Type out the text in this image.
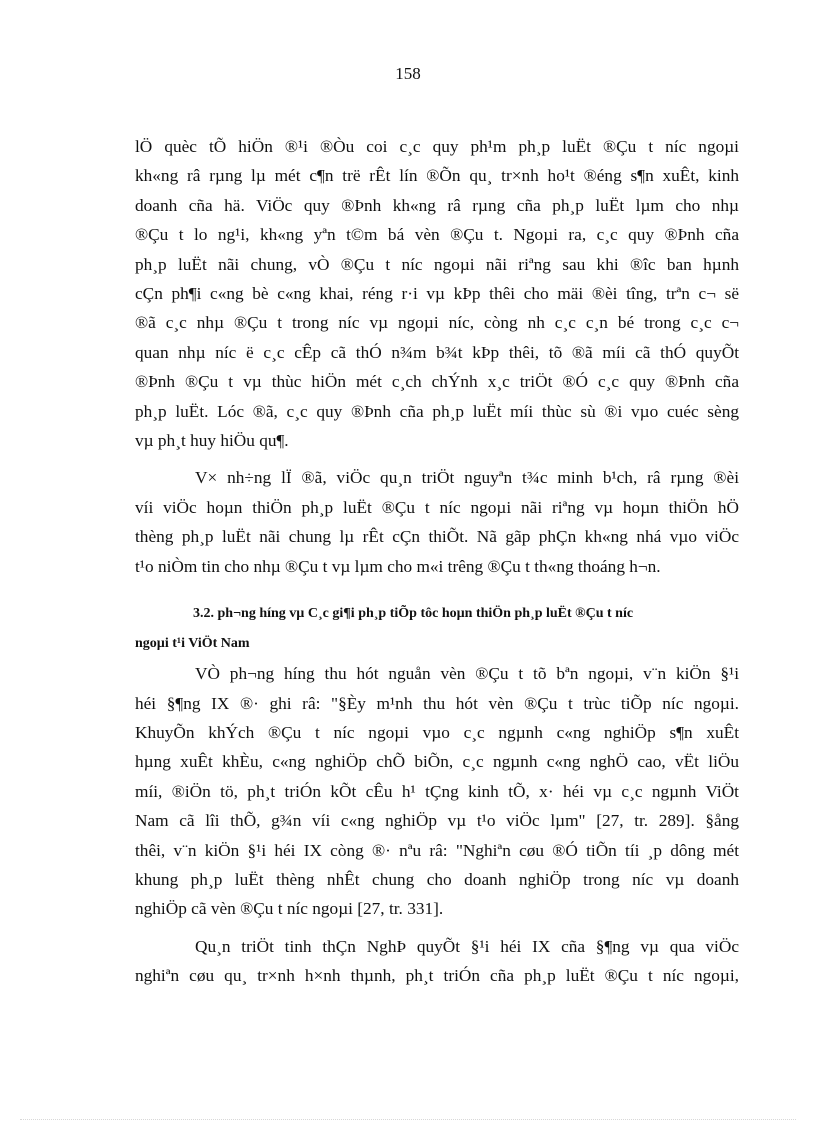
158

lÖ quèc tÕ hiÖn ®¹i ®Òu coi c¸c quy ph¹m ph¸p luËt ®Çu t níc ngoµi
kh«ng râ rµng lµ mét c¶n trë rÊt lín ®Õn qu¸ tr×nh ho¹t ®éng s¶n xuÊt, kinh
doanh cña hä. ViÖc quy ®Þnh kh«ng râ rµng cña ph¸p luËt lµm cho nhµ
®Çu t lo ng¹i, kh«ng yªn t©m bá vèn ®Çu t. Ngoµi ra, c¸c quy ®Þnh cña
ph¸p luËt nãi chung, vÒ ®Çu t níc ngoµi nãi riªng sau khi ®îc ban hµnh
cÇn ph¶i c«ng bè c«ng khai, réng r·i vµ kÞp thêi cho mäi ®èi tîng, trªn c¬ së
®ã c¸c nhµ ®Çu t trong níc vµ ngoµi níc, còng nh c¸c c¸n bé trong c¸c c¬
quan nhµ níc ë c¸c cÊp cã thÓ n¾m b¾t kÞp thêi, tõ ®ã míi cã thÓ quyÕt
®Þnh ®Çu t vµ thùc hiÖn mét c¸ch chÝnh x¸c triÖt ®Ó c¸c quy ®Þnh cña
ph¸p luËt. Lóc ®ã, c¸c quy ®Þnh cña ph¸p luËt míi thùc sù ®i vµo cuéc sèng
vµ ph¸t huy hiÖu qu¶.

V× nh÷ng lÏ ®ã, viÖc qu¸n triÖt nguyªn t¾c minh b¹ch, râ rµng ®èi
víi viÖc hoµn thiÖn ph¸p luËt ®Çu t níc ngoµi nãi riªng vµ hoµn thiÖn hÖ
thèng ph¸p luËt nãi chung lµ rÊt cÇn thiÕt. Nã gãp phÇn kh«ng nhá vµo viÖc
t¹o niÒm tin cho nhµ ®Çu t vµ lµm cho m«i trêng ®Çu t th«ng thoáng h¬n.

3.2. ph¬ng híng vµ C¸c gi¶i ph¸p tiÕp tôc hoµn thiÖn ph¸p luËt ®Çu t níc
ngoµi t¹i ViÖt Nam

VÒ ph¬ng híng thu hót nguån vèn ®Çu t tõ bªn ngoµi, v¨n kiÖn §¹i
héi §¶ng IX ®· ghi râ: "§Èy m¹nh thu hót vèn ®Çu t trùc tiÕp níc ngoµi.
KhuyÕn khÝch ®Çu t níc ngoµi vµo c¸c ngµnh c«ng nghiÖp s¶n xuÊt
hµng xuÊt khÈu, c«ng nghiÖp chÕ biÕn, c¸c ngµnh c«ng nghÖ cao, vËt liÖu
míi, ®iÖn tö, ph¸t triÓn kÕt cÊu h¹ tÇng kinh tÕ, x· héi vµ c¸c ngµnh ViÖt
Nam cã lîi thÕ, g¾n víi c«ng nghiÖp vµ t¹o viÖc lµm" [27, tr. 289]. §ång
thêi, v¨n kiÖn §¹i héi IX còng ®· nªu râ: "Nghiªn cøu ®Ó tiÕn tíi ¸p dông mét
khung ph¸p luËt thèng nhÊt chung cho doanh nghiÖp trong níc vµ doanh
nghiÖp cã vèn ®Çu t níc ngoµi [27, tr. 331].

Qu¸n triÖt tinh thÇn NghÞ quyÕt §¹i héi IX cña §¶ng vµ qua viÖc
nghiªn cøu qu¸ tr×nh h×nh thµnh, ph¸t triÓn cña ph¸p luËt ®Çu t níc ngoµi,
